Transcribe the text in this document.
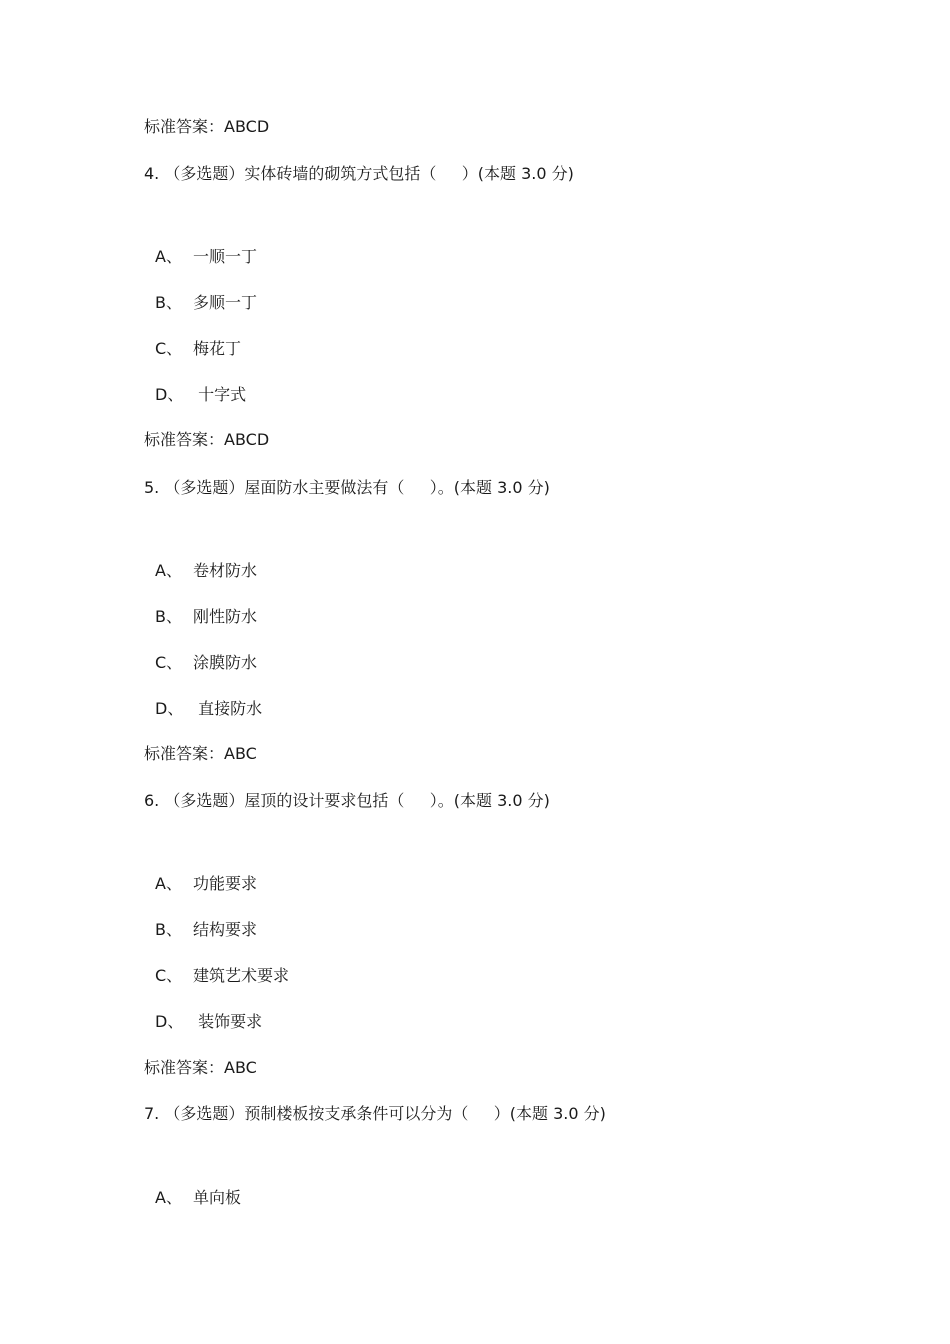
标准答案：ABCD
4. （多选题）实体砖墙的砌筑方式包括（     ）(本题 3.0 分)
A、 一顺一丁
B、 多顺一丁
C、 梅花丁
D、 十字式
标准答案：ABCD
5. （多选题）屋面防水主要做法有（     ）。(本题 3.0 分)
A、 卷材防水
B、 刚性防水
C、 涂膜防水
D、 直接防水
标准答案：ABC
6. （多选题）屋顶的设计要求包括（     ）。(本题 3.0 分)
A、 功能要求
B、 结构要求
C、 建筑艺术要求
D、 装饰要求
标准答案：ABC
7. （多选题）预制楼板按支承条件可以分为（     ）(本题 3.0 分)
A、 单向板
